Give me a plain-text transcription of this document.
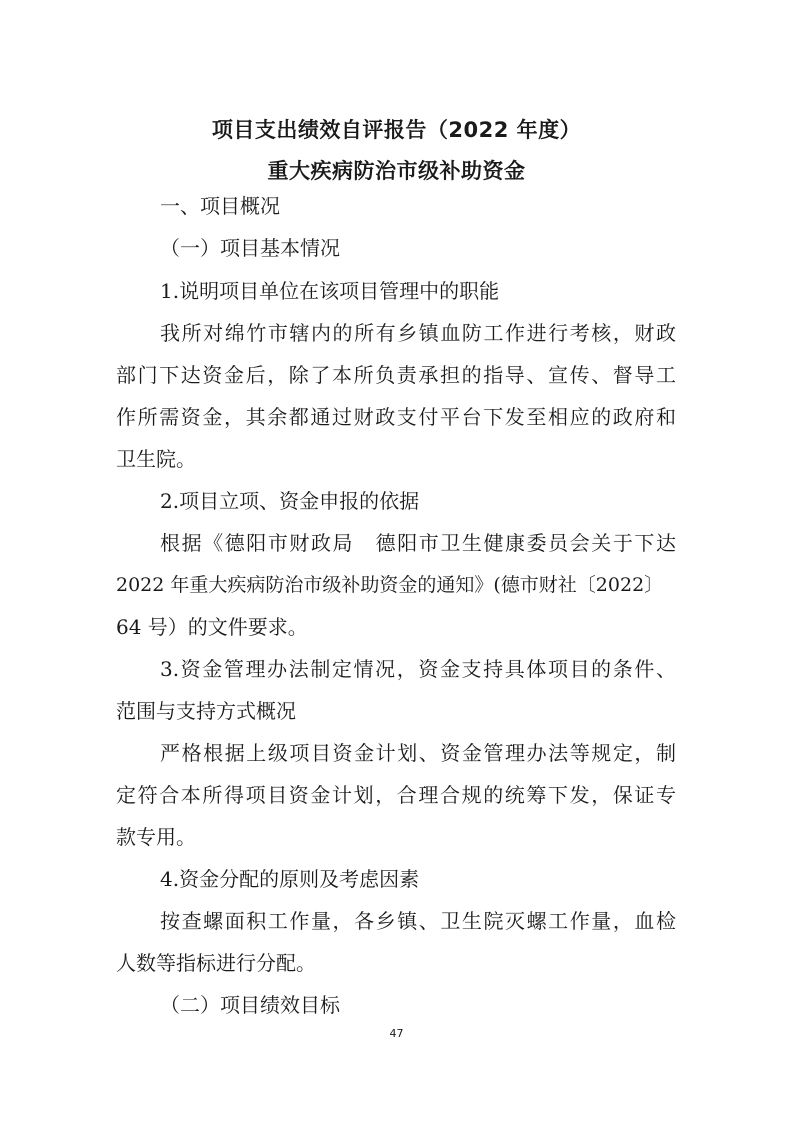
项目支出绩效自评报告（2022 年度）
重大疾病防治市级补助资金
一、项目概况
（一）项目基本情况
1.说明项目单位在该项目管理中的职能
我所对绵竹市辖内的所有乡镇血防工作进行考核，财政
部门下达资金后，除了本所负责承担的指导、宣传、督导工
作所需资金，其余都通过财政支付平台下发至相应的政府和
卫生院。
2.项目立项、资金申报的依据
根据《德阳市财政局　德阳市卫生健康委员会关于下达
2022 年重大疾病防治市级补助资金的通知》(德市财社〔2022〕
64 号）的文件要求。
3.资金管理办法制定情况，资金支持具体项目的条件、
范围与支持方式概况
严格根据上级项目资金计划、资金管理办法等规定，制
定符合本所得项目资金计划，合理合规的统筹下发，保证专
款专用。
4.资金分配的原则及考虑因素
按查螺面积工作量，各乡镇、卫生院灭螺工作量，血检
人数等指标进行分配。
（二）项目绩效目标
47
